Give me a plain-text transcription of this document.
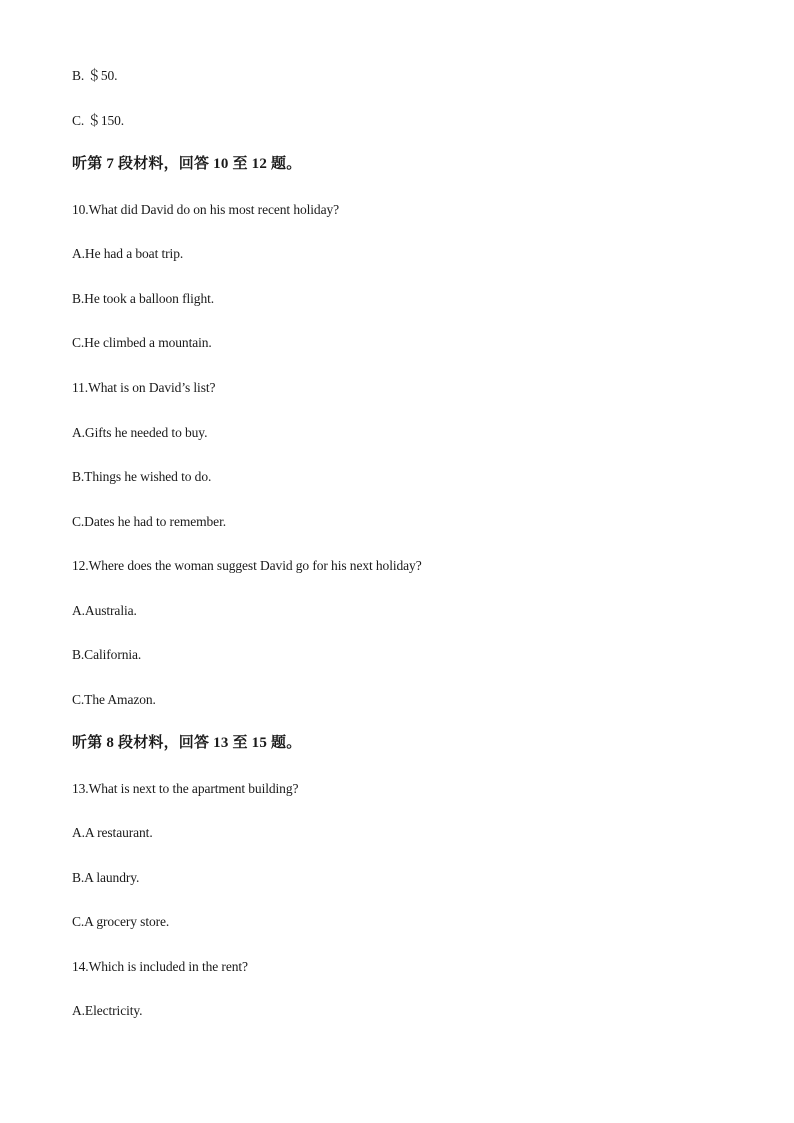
B. ＄50.
C. ＄150.
听第 7 段材料，回答 10 至 12 题。
10.What did David do on his most recent holiday?
A.He had a boat trip.
B.He took a balloon flight.
C.He climbed a mountain.
11.What is on David’s list?
A.Gifts he needed to buy.
B.Things he wished to do.
C.Dates he had to remember.
12.Where does the woman suggest David go for his next holiday?
A.Australia.
B.California.
C.The Amazon.
听第 8 段材料，回答 13 至 15 题。
13.What is next to the apartment building?
A.A restaurant.
B.A laundry.
C.A grocery store.
14.Which is included in the rent?
A.Electricity.
